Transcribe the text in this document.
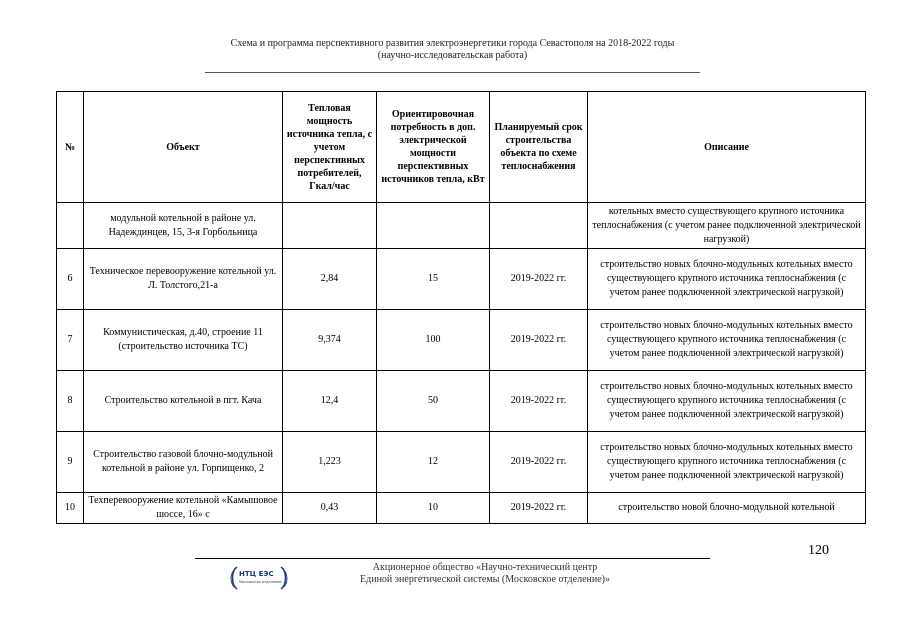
Схема и программа перспективного развития электроэнергетики города Севастополя на 2018-2022 годы
(научно-исследовательская работа)
№	Объект	Тепловая мощность источника тепла, с учетом перспективных потребителей, Гкал/час	Ориентировочная потребность в доп. электрической мощности перспективных источников тепла, кВт	Планируемый срок строительства объекта по схеме теплоснабжения	Описание
	модульной котельной в районе ул. Надеждинцев, 15, 3-я Горбольница				котельных вместо существующего крупного источника теплоснабжения (с учетом ранее подключенной электрической нагрузкой)
6	Техническое перевооружение котельной ул. Л. Толстого,21-а	2,84	15	2019-2022 гг.	строительство новых блочно-модульных котельных вместо существующего крупного источника теплоснабжения (с учетом ранее подключенной электрической нагрузкой)
7	Коммунистическая, д.40, строение 11 (строительство источника ТС)	9,374	100	2019-2022 гг.	строительство новых блочно-модульных котельных вместо существующего крупного источника теплоснабжения (с учетом ранее подключенной электрической нагрузкой)
8	Строительство котельной в пгт. Кача	12,4	50	2019-2022 гг.	строительство новых блочно-модульных котельных вместо существующего крупного источника теплоснабжения (с учетом ранее подключенной электрической нагрузкой)
9	Строительство газовой блочно-модульной котельной в районе ул. Горпищенко, 2	1,223	12	2019-2022 гг.	строительство новых блочно-модульных котельных вместо существующего крупного источника теплоснабжения (с учетом ранее подключенной электрической нагрузкой)
10	Техперевооружение котельной «Камышовое шоссе, 16» с	0,43	10	2019-2022 гг.	строительство новой блочно-модульной котельной
120
НТЦ ЕЭС
Московское отделение
Акционерное общество «Научно-технический центр
Единой энергетической системы (Московское отделение)»
